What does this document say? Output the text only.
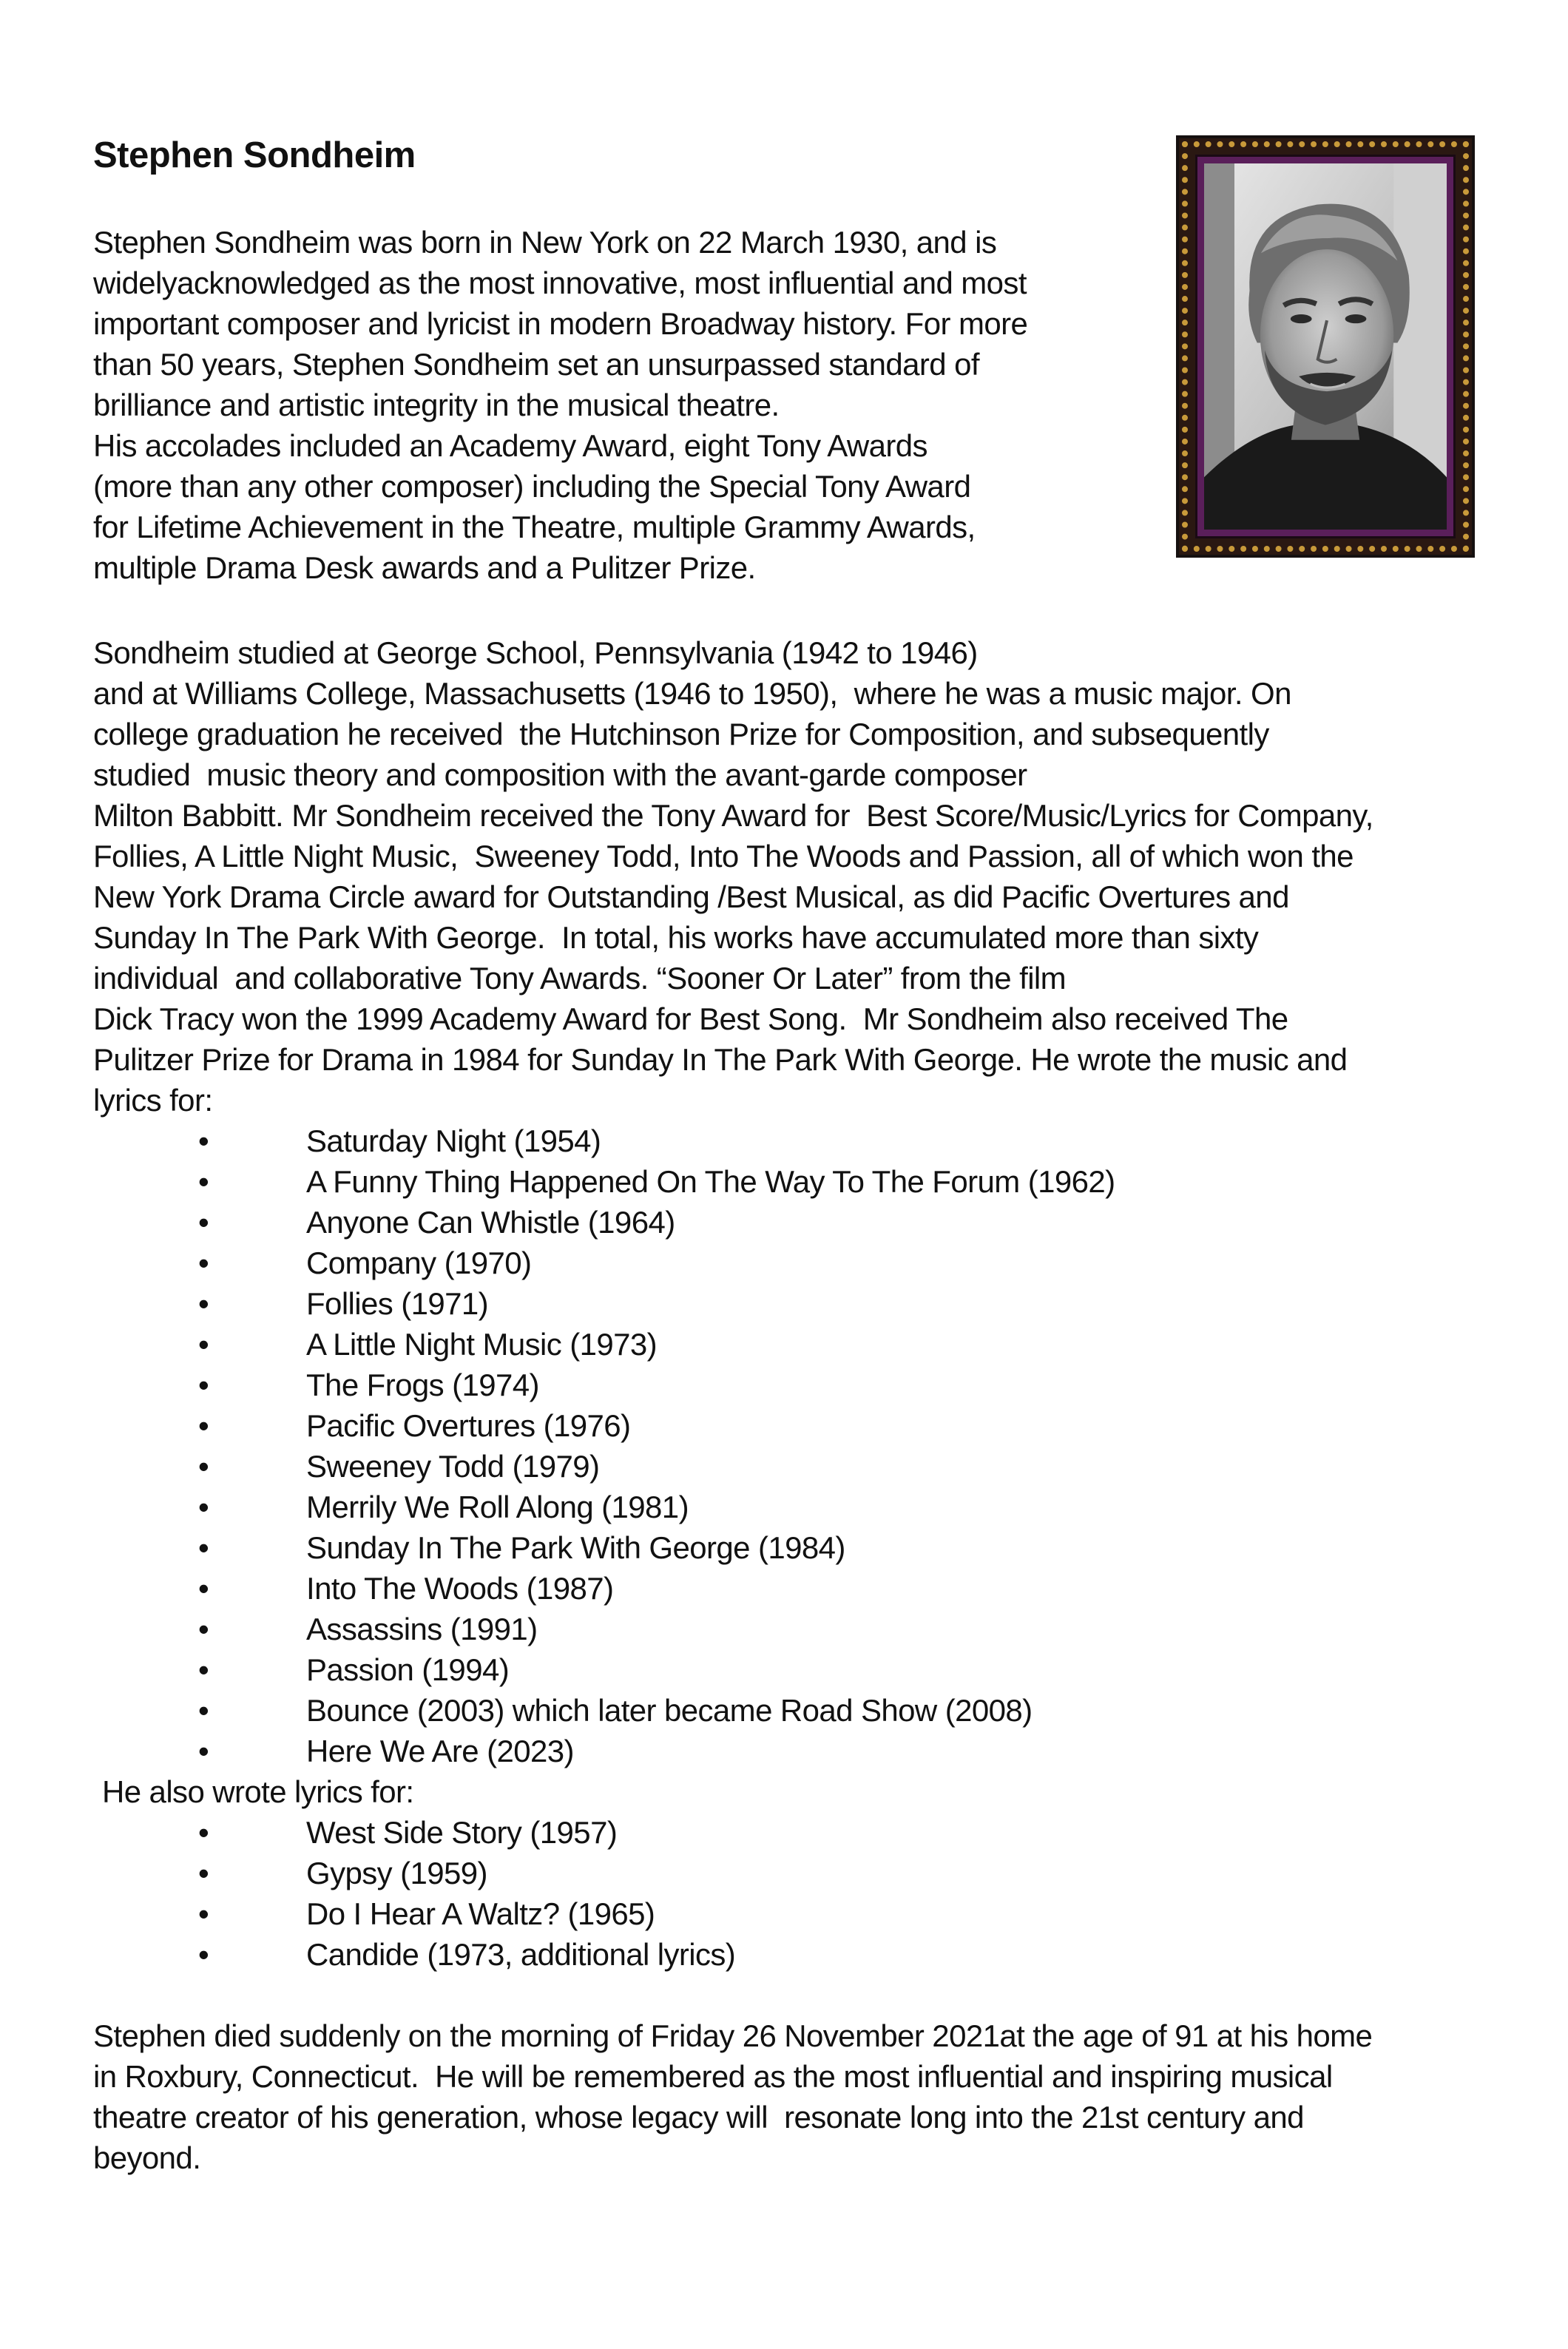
Stephen Sondheim
Stephen Sondheim was born in New York on 22 March 1930, and is
widelyacknowledged as the most innovative, most influential and most
important composer and lyricist in modern Broadway history. For more
than 50 years, Stephen Sondheim set an unsurpassed standard of
brilliance and artistic integrity in the musical theatre.
His accolades included an Academy Award, eight Tony Awards
(more than any other composer) including the Special Tony Award
for Lifetime Achievement in the Theatre, multiple Grammy Awards,
multiple Drama Desk awards and a Pulitzer Prize.
Sondheim studied at George School, Pennsylvania (1942 to 1946)
and at Williams College, Massachusetts (1946 to 1950),  where he was a music major. On
college graduation he received  the Hutchinson Prize for Composition, and subsequently
studied  music theory and composition with the avant-garde composer
Milton Babbitt. Mr Sondheim received the Tony Award for  Best Score/Music/Lyrics for Company,
Follies, A Little Night Music,  Sweeney Todd, Into The Woods and Passion, all of which won the
New York Drama Circle award for Outstanding /Best Musical, as did Pacific Overtures and
Sunday In The Park With George.  In total, his works have accumulated more than sixty
individual  and collaborative Tony Awards. “Sooner Or Later” from the film
Dick Tracy won the 1999 Academy Award for Best Song.  Mr Sondheim also received The
Pulitzer Prize for Drama in 1984 for Sunday In The Park With George. He wrote the music and
lyrics for:
•	Saturday Night (1954)
•	A Funny Thing Happened On The Way To The Forum (1962)
•	Anyone Can Whistle (1964)
•	Company (1970)
•	Follies (1971)
•	A Little Night Music (1973)
•	The Frogs (1974)
•	Pacific Overtures (1976)
•	Sweeney Todd (1979)
•	Merrily We Roll Along (1981)
•	Sunday In The Park With George (1984)
•	Into The Woods (1987)
•	Assassins (1991)
•	Passion (1994)
•	Bounce (2003) which later became Road Show (2008)
•	Here We Are (2023)
He also wrote lyrics for:
•	West Side Story (1957)
•	Gypsy (1959)
•	Do I Hear A Waltz? (1965)
•	Candide (1973, additional lyrics)
Stephen died suddenly on the morning of Friday 26 November 2021at the age of 91 at his home
in Roxbury, Connecticut.  He will be remembered as the most influential and inspiring musical
theatre creator of his generation, whose legacy will  resonate long into the 21st century and
beyond.
